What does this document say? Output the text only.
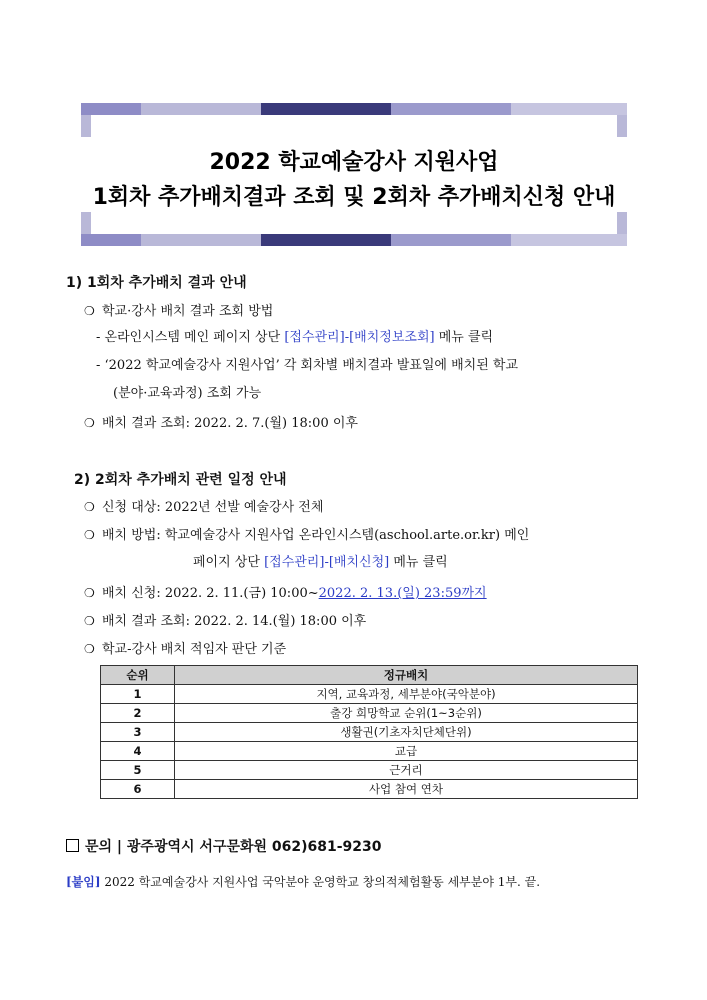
2022 학교예술강사 지원사업
1회차 추가배치결과 조회 및 2회차 추가배치신청 안내
1) 1회차 추가배치 결과 안내
❍ 학교·강사 배치 결과 조회 방법
- 온라인시스템 메인 페이지 상단 [접수관리]-[배치정보조회] 메뉴 클릭
- ‘2022 학교예술강사 지원사업’ 각 회차별 배치결과 발표일에 배치된 학교
(분야·교육과정) 조회 가능
❍ 배치 결과 조회: 2022. 2. 7.(월) 18:00 이후
2) 2회차 추가배치 관련 일정 안내
❍ 신청 대상: 2022년 선발 예술강사 전체
❍ 배치 방법: 학교예술강사 지원사업 온라인시스템(aschool.arte.or.kr) 메인
페이지 상단 [접수관리]-[배치신청] 메뉴 클릭
❍ 배치 신청: 2022. 2. 11.(금) 10:00~2022. 2. 13.(일) 23:59까지
❍ 배치 결과 조회: 2022. 2. 14.(월) 18:00 이후
❍ 학교-강사 배치 적임자 판단 기준
순위	정규배치
1	지역, 교육과정, 세부분야(국악분야)
2	출강 희망학교 순위(1~3순위)
3	생활권(기초자치단체단위)
4	교급
5	근거리
6	사업 참여 연차
문의 | 광주광역시 서구문화원 062)681-9230
[붙임] 2022 학교예술강사 지원사업 국악분야 운영학교 창의적체험활동 세부분야 1부. 끝.
